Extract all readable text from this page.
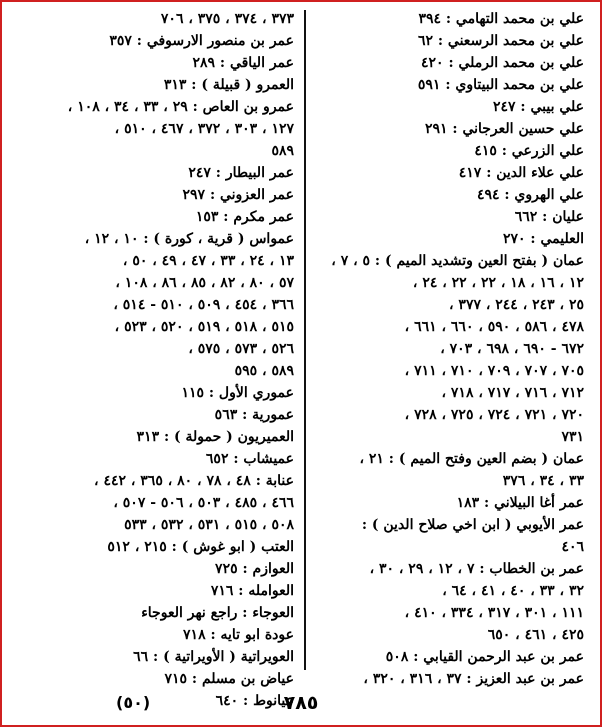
علي بن محمد التهامي : ٣٩٤
علي بن محمد الرسعني : ٦٢
علي بن محمد الرملي : ٤٢٠
علي بن محمد البيتاوي : ٥٩١
علي بيبي : ٢٤٧
علي حسين العرجاني : ٢٩١
علي الزرعي : ٤١٥
علي علاء الدين : ٤١٧
علي الهروي : ٤٩٤
عليان : ٦٦٢
العليمي : ٢٧٠
عمان ( بفتح العين وتشديد الميم ) : ٥ ، ٧ ،
١٢ ، ١٦ ، ١٨ ، ٢٢ ، ٢٢ ، ٢٤ ،
٢٥ ، ٢٤٣ ، ٢٤٤ ، ٣٧٧ ،
٤٧٨ ، ٥٨٦ ، ٥٩٠ ، ٦٦٠ ، ٦٦١ ،
٦٧٢ - ٦٩٠ ، ٦٩٨ ، ٧٠٣ ،
٧٠٥ ، ٧٠٧ ، ٧٠٩ ، ٧١٠ ، ٧١١ ،
٧١٢ ، ٧١٦ ، ٧١٧ ، ٧١٨ ،
٧٢٠ ، ٧٢١ ، ٧٢٤ ، ٧٢٥ ، ٧٢٨ ،
٧٣١
عمان ( بضم العين وفتح الميم ) : ٢١ ،
٣٣ ، ٣٤ ، ٣٧٦
عمر أغا البيلاني : ١٨٣
عمر الأيوبي ( ابن اخي صلاح الدين ) :
٤٠٦
عمر بن الخطاب : ٧ ، ١٢ ، ٢٩ ، ٣٠ ،
٣٢ ، ٣٣ ، ٤٠ ، ٤١ ، ٦٤ ،
١١١ ، ٣٠١ ، ٣١٧ ، ٣٣٤ ، ٤١٠ ،
٤٢٥ ، ٤٦١ ، ٦٥٠
عمر بن عبد الرحمن القيابي : ٥٠٨
عمر بن عبد العزيز : ٣٧ ، ٣١٦ ، ٣٢٠ ،
٣٧٣ ، ٣٧٤ ، ٣٧٥ ، ٧٠٦
عمر بن منصور الارسوفي : ٣٥٧
عمر الياقي : ٢٨٩
العمرو ( قبيلة ) : ٣١٣
عمرو بن العاص : ٢٩ ، ٣٣ ، ٣٤ ، ١٠٨ ،
١٢٧ ، ٣٠٣ ، ٣٧٢ ، ٤٦٧ ، ٥١٠ ،
٥٨٩
عمر البيطار : ٢٤٧
عمر العزوني : ٢٩٧
عمر مكرم : ١٥٣
عمواس ( قرية ، كورة ) : ١٠ ، ١٢ ،
١٣ ، ٢٤ ، ٣٣ ، ٤٧ ، ٤٩ ، ٥٠ ،
٥٧ ، ٨٠ ، ٨٢ ، ٨٥ ، ٨٦ ، ١٠٨ ،
٣٦٦ ، ٤٥٤ ، ٥٠٩ ، ٥١٠ - ٥١٤ ،
٥١٥ ، ٥١٨ ، ٥١٩ ، ٥٢٠ ، ٥٢٣ ،
٥٢٦ ، ٥٧٣ ، ٥٧٥ ،
٥٨٩ ، ٥٩٥
عموري الأول : ١١٥
عمورية : ٥٦٣
العميريون ( حمولة ) : ٣١٣
عميشاب : ٦٥٢
عنابة : ٤٨ ، ٧٨ ، ٨٠ ، ٣٦٥ ، ٤٤٢ ،
٤٦٦ ، ٤٨٥ ، ٥٠٣ ، ٥٠٦ - ٥٠٧ ،
٥٠٨ ، ٥١٥ ، ٥٣١ ، ٥٣٢ ، ٥٣٣
العتب ( ابو غوش ) : ٢١٥ ، ٥١٢
العوازم : ٧٢٥
العوامله : ٧١٦
العوجاء : راجع نهر العوجاء
عودة ابو تايه : ٧١٨
العويراتية ( الأويراتية ) : ٦٦
عياض بن مسلم : ٧١٥
عيانوط : ٦٤٠
٧٨٥
(٥٠)
